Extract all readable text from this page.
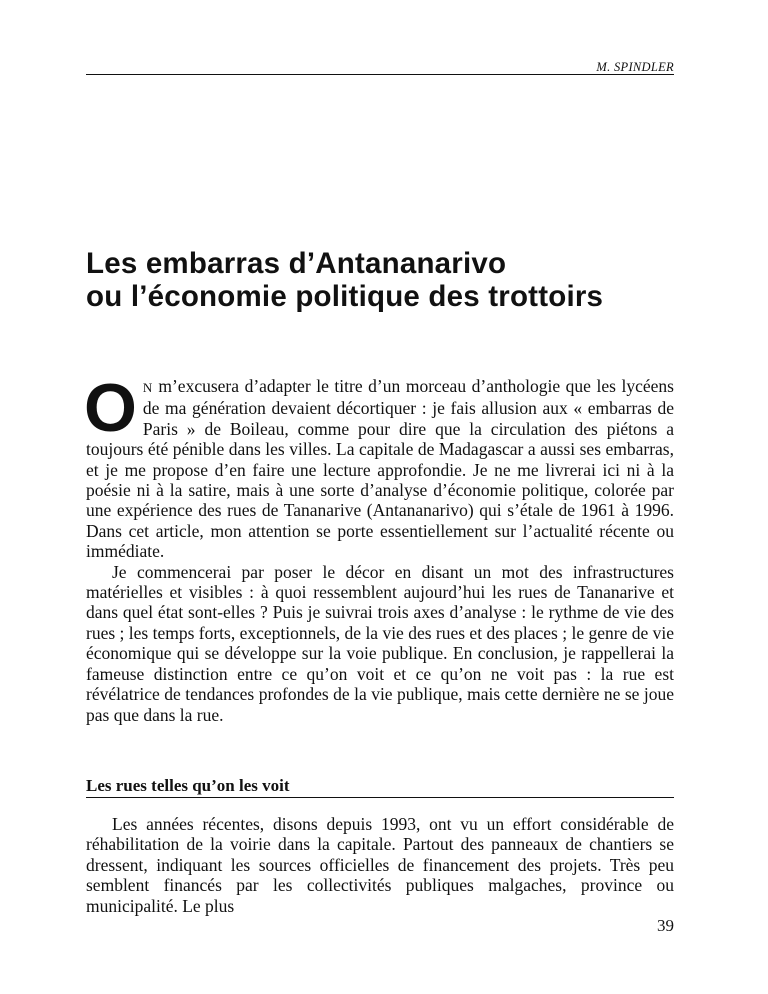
M. SPINDLER
Les embarras d’Antananarivo
ou l’économie politique des trottoirs

O N m’excusera d’adapter le titre d’un morceau d’anthologie que les lycéens de ma génération devaient décortiquer : je fais allusion aux « embarras de Paris » de Boileau, comme pour dire que la circulation des piétons a toujours été pénible dans les villes. La capitale de Madagascar a aussi ses embarras, et je me propose d’en faire une lecture approfondie. Je ne me livrerai ici ni à la poésie ni à la satire, mais à une sorte d’analyse d’économie politique, colorée par une expérience des rues de Tananarive (Antananarivo) qui s’étale de 1961 à 1996. Dans cet article, mon attention se porte essentiellement sur l’actualité récente ou immédiate.

Je commencerai par poser le décor en disant un mot des infrastructures matérielles et visibles : à quoi ressemblent aujourd’hui les rues de Tananarive et dans quel état sont-elles ? Puis je suivrai trois axes d’analyse : le rythme de vie des rues ; les temps forts, exceptionnels, de la vie des rues et des places ; le genre de vie économique qui se développe sur la voie publique. En conclusion, je rappellerai la fameuse distinction entre ce qu’on voit et ce qu’on ne voit pas : la rue est révélatrice de tendances profondes de la vie publique, mais cette dernière ne se joue pas que dans la rue.

Les rues telles qu’on les voit

Les années récentes, disons depuis 1993, ont vu un effort considérable de réhabilitation de la voirie dans la capitale. Partout des panneaux de chantiers se dressent, indiquant les sources officielles de financement des projets. Très peu semblent financés par les collectivités publiques malgaches, province ou municipalité. Le plus

39
